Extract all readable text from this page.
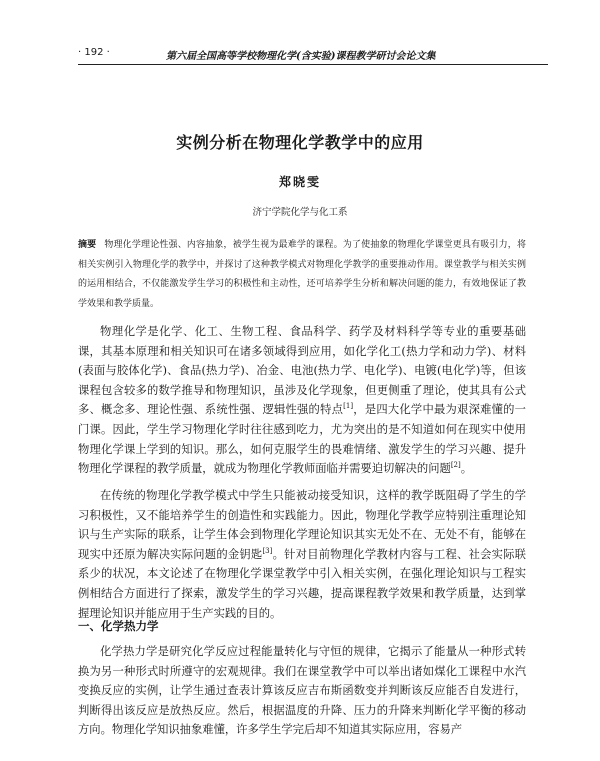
· 192 ·	第六届全国高等学校物理化学(含实验)课程教学研讨会论文集
实例分析在物理化学教学中的应用
郑晓雯
济宁学院化学与化工系

摘要 物理化学理论性强、内容抽象，被学生视为最难学的课程。为了使抽象的物理化学课堂更具有吸引力，将相关实例引入物理化学的教学中，并探讨了这种教学模式对物理化学教学的重要推动作用。课堂教学与相关实例的运用相结合，不仅能激发学生学习的积极性和主动性，还可培养学生分析和解决问题的能力，有效地保证了教学效果和教学质量。

物理化学是化学、化工、生物工程、食品科学、药学及材料科学等专业的重要基础课，其基本原理和相关知识可在诸多领域得到应用，如化学化工(热力学和动力学)、材料(表面与胶体化学)、食品(热力学)、冶金、电池(热力学、电化学)、电镀(电化学)等，但该课程包含较多的数学推导和物理知识，虽涉及化学现象，但更侧重了理论，使其具有公式多、概念多、理论性强、系统性强、逻辑性强的特点[1]，是四大化学中最为艰深难懂的一门课。因此，学生学习物理化学时往往感到吃力，尤为突出的是不知道如何在现实中使用物理化学课上学到的知识。那么，如何克服学生的畏难情绪、激发学生的学习兴趣、提升物理化学课程的教学质量，就成为物理化学教师面临并需要迫切解决的问题[2]。

在传统的物理化学教学模式中学生只能被动接受知识，这样的教学既阻碍了学生的学习积极性，又不能培养学生的创造性和实践能力。因此，物理化学教学应特别注重理论知识与生产实际的联系，让学生体会到物理化学理论知识其实无处不在、无处不有，能够在现实中还原为解决实际问题的金钥匙[3]。针对目前物理化学教材内容与工程、社会实际联系少的状况，本文论述了在物理化学课堂教学中引入相关实例，在强化理论知识与工程实例相结合方面进行了探索，激发学生的学习兴趣，提高课程教学效果和教学质量，达到掌握理论知识并能应用于生产实践的目的。

一、化学热力学

化学热力学是研究化学反应过程能量转化与守恒的规律，它揭示了能量从一种形式转换为另一种形式时所遵守的宏观规律。我们在课堂教学中可以举出诸如煤化工课程中水汽变换反应的实例，让学生通过查表计算该反应吉布斯函数变并判断该反应能否自发进行，判断得出该反应是放热反应。然后，根据温度的升降、压力的升降来判断化学平衡的移动方向。物理化学知识抽象难懂，许多学生学完后却不知道其实际应用，容易产
